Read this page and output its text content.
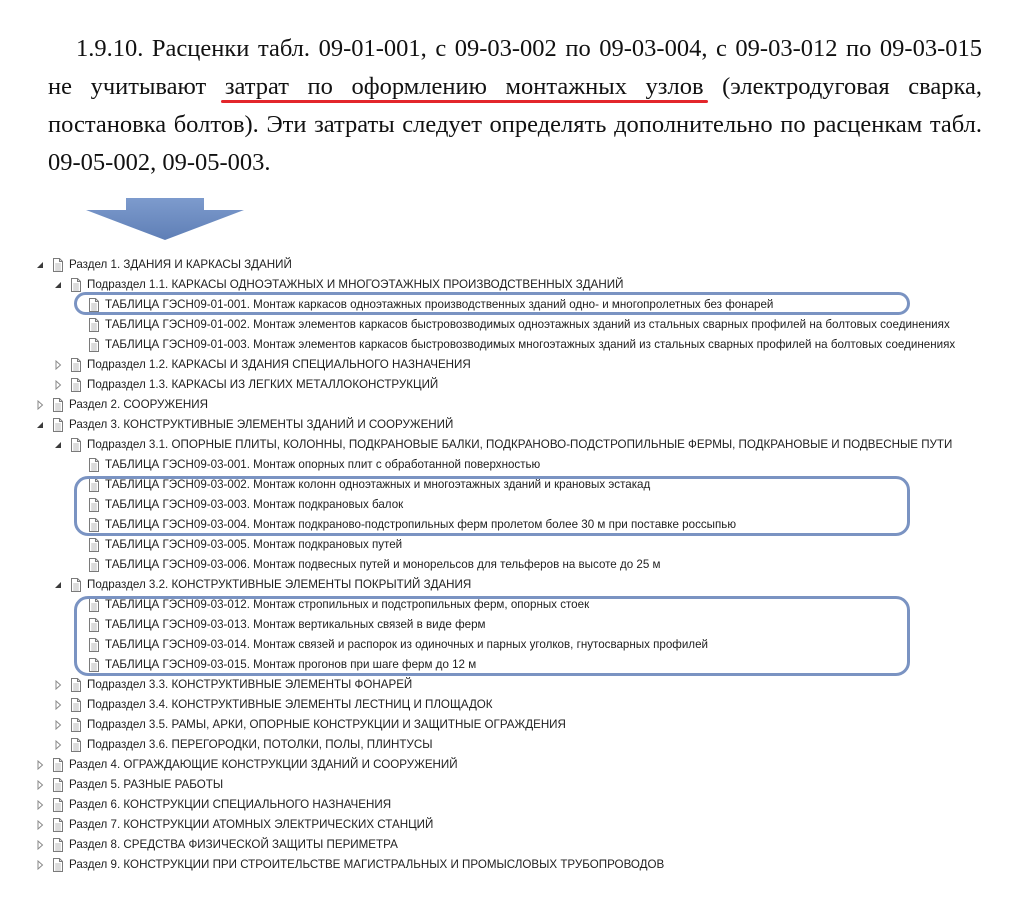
1.9.10. Расценки табл. 09-01-001, с 09-03-002 по 09-03-004, с 09-03-012 по 09-03-015 не учитывают затрат по оформлению монтажных узлов (электродуговая сварка, постановка болтов). Эти затраты следует определять дополнительно по расценкам табл. 09-05-002, 09-05-003.
Раздел 1. ЗДАНИЯ И КАРКАСЫ ЗДАНИЙ
Подраздел 1.1. КАРКАСЫ ОДНОЭТАЖНЫХ И МНОГОЭТАЖНЫХ ПРОИЗВОДСТВЕННЫХ ЗДАНИЙ
ТАБЛИЦА ГЭСН09-01-001. Монтаж каркасов одноэтажных производственных зданий одно- и многопролетных без фонарей
ТАБЛИЦА ГЭСН09-01-002. Монтаж элементов каркасов быстровозводимых одноэтажных зданий из стальных сварных профилей на болтовых соединениях
ТАБЛИЦА ГЭСН09-01-003. Монтаж элементов каркасов быстровозводимых многоэтажных зданий из стальных сварных профилей на болтовых соединениях
Подраздел 1.2. КАРКАСЫ И ЗДАНИЯ СПЕЦИАЛЬНОГО НАЗНАЧЕНИЯ
Подраздел 1.3. КАРКАСЫ ИЗ ЛЕГКИХ МЕТАЛЛОКОНСТРУКЦИЙ
Раздел 2. СООРУЖЕНИЯ
Раздел 3. КОНСТРУКТИВНЫЕ ЭЛЕМЕНТЫ ЗДАНИЙ И СООРУЖЕНИЙ
Подраздел 3.1. ОПОРНЫЕ ПЛИТЫ, КОЛОННЫ, ПОДКРАНОВЫЕ БАЛКИ, ПОДКРАНОВО-ПОДСТРОПИЛЬНЫЕ ФЕРМЫ, ПОДКРАНОВЫЕ И ПОДВЕСНЫЕ ПУТИ
ТАБЛИЦА ГЭСН09-03-001. Монтаж опорных плит с обработанной поверхностью
ТАБЛИЦА ГЭСН09-03-002. Монтаж колонн одноэтажных и многоэтажных зданий и крановых эстакад
ТАБЛИЦА ГЭСН09-03-003. Монтаж подкрановых балок
ТАБЛИЦА ГЭСН09-03-004. Монтаж подкраново-подстропильных ферм пролетом более 30 м при поставке россыпью
ТАБЛИЦА ГЭСН09-03-005. Монтаж подкрановых путей
ТАБЛИЦА ГЭСН09-03-006. Монтаж подвесных путей и монорельсов для тельферов на высоте до 25 м
Подраздел 3.2. КОНСТРУКТИВНЫЕ ЭЛЕМЕНТЫ ПОКРЫТИЙ ЗДАНИЯ
ТАБЛИЦА ГЭСН09-03-012. Монтаж стропильных и подстропильных ферм, опорных стоек
ТАБЛИЦА ГЭСН09-03-013. Монтаж вертикальных связей в виде ферм
ТАБЛИЦА ГЭСН09-03-014. Монтаж связей и распорок из одиночных и парных уголков, гнутосварных профилей
ТАБЛИЦА ГЭСН09-03-015. Монтаж прогонов при шаге ферм до 12 м
Подраздел 3.3. КОНСТРУКТИВНЫЕ ЭЛЕМЕНТЫ ФОНАРЕЙ
Подраздел 3.4. КОНСТРУКТИВНЫЕ ЭЛЕМЕНТЫ ЛЕСТНИЦ И ПЛОЩАДОК
Подраздел 3.5. РАМЫ, АРКИ, ОПОРНЫЕ КОНСТРУКЦИИ И ЗАЩИТНЫЕ ОГРАЖДЕНИЯ
Подраздел 3.6. ПЕРЕГОРОДКИ, ПОТОЛКИ, ПОЛЫ, ПЛИНТУСЫ
Раздел 4. ОГРАЖДАЮЩИЕ КОНСТРУКЦИИ ЗДАНИЙ И СООРУЖЕНИЙ
Раздел 5. РАЗНЫЕ РАБОТЫ
Раздел 6. КОНСТРУКЦИИ СПЕЦИАЛЬНОГО НАЗНАЧЕНИЯ
Раздел 7. КОНСТРУКЦИИ АТОМНЫХ ЭЛЕКТРИЧЕСКИХ СТАНЦИЙ
Раздел 8. СРЕДСТВА ФИЗИЧЕСКОЙ ЗАЩИТЫ ПЕРИМЕТРА
Раздел 9. КОНСТРУКЦИИ ПРИ СТРОИТЕЛЬСТВЕ МАГИСТРАЛЬНЫХ И ПРОМЫСЛОВЫХ ТРУБОПРОВОДОВ
